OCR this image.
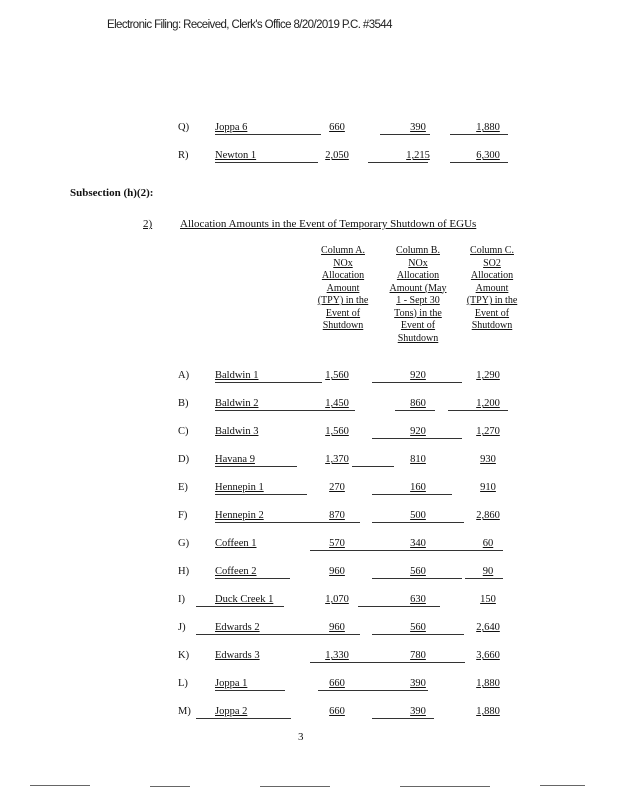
Electronic Filing: Received, Clerk's Office 8/20/2019 P.C. #3544
Q) Joppa 6	660	390	1,880
R)	Newton 1	2,050	1,215	6,300
Subsection (h)(2):
2)	Allocation Amounts in the Event of Temporary Shutdown of EGUs
Column A.
NOx
Allocation
Amount
(TPY) in the
Event of
Shutdown
Column B.
NOx
Allocation
Amount (May
1 - Sept 30
Tons) in the
Event of
Shutdown
Column C.
SO2
Allocation
Amount
(TPY) in the
Event of
Shutdown
A) Baldwin 1	1,560	920	1,290
B)	Baldwin 2	1,450	860	1,200
C)	Baldwin 3	1,560	920	1,270
D) Havana 9	1,370	810	930
E)	Hennepin 1	270	160	910
F)	Hennepin 2	870	500	2,860
G) Coffeen 1	570	340	60
H) Coffeen 2	960	560	90
I)	Duck Creek 1	1,070	630	150
J)	Edwards 2	960	560	2,640
K) Edwards 3	1,330	780	3,660
L)	Joppa 1	660	390	1,880
M) Joppa 2	660	390	1,880
3
